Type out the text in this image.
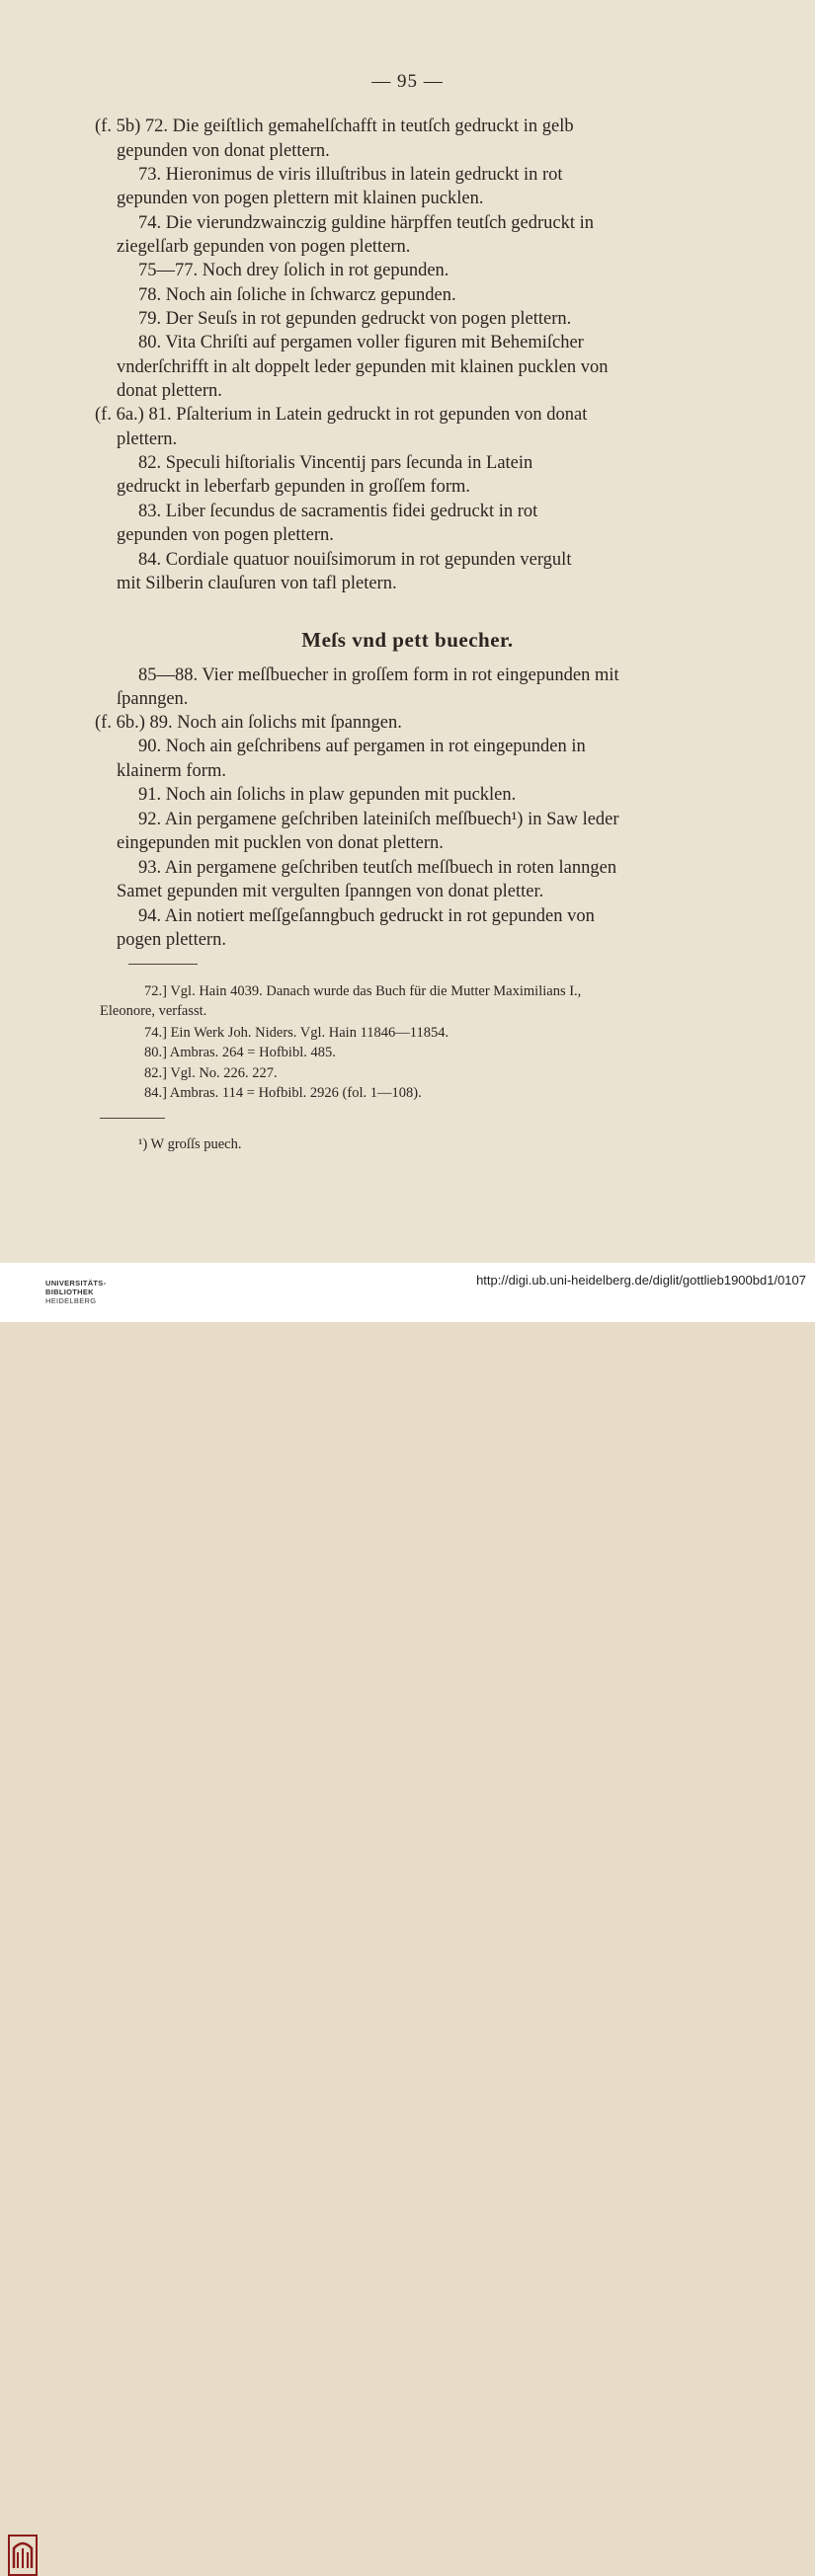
— 95 —
(f. 5b) 72. Die geiſtlich gemahelſchafft in teutſch gedruckt in gelb
gepunden von donat plettern.
73. Hieronimus de viris illuſtribus in latein gedruckt in rot
gepunden von pogen plettern mit klainen pucklen.
74. Die vierundzwainczig guldine härpffen teutſch gedruckt in
ziegelſarb gepunden von pogen plettern.
75—77. Noch drey ſolich in rot gepunden.
78. Noch ain ſoliche in ſchwarcz gepunden.
79. Der Seuſs in rot gepunden gedruckt von pogen plettern.
80. Vita Chriſti auf pergamen voller figuren mit Behemiſcher
vnderſchrifft in alt doppelt leder gepunden mit klainen pucklen von
donat plettern.
(f. 6a.) 81. Pſalterium in Latein gedruckt in rot gepunden von donat
plettern.
82. Speculi hiſtorialis Vincentij pars ſecunda in Latein
gedruckt in leberfarb gepunden in groſſem form.
83. Liber ſecundus de sacramentis fidei gedruckt in rot
gepunden von pogen plettern.
84. Cordiale quatuor nouiſsimorum in rot gepunden vergult
mit Silberin clauſuren von tafl pletern.
Meſs vnd pett buecher.
85—88. Vier meſſbuecher in groſſem form in rot eingepunden mit
ſpanngen.
(f. 6b.) 89. Noch ain ſolichs mit ſpanngen.
90. Noch ain geſchribens auf pergamen in rot eingepunden in
klainerm form.
91. Noch ain ſolichs in plaw gepunden mit pucklen.
92. Ain pergamene geſchriben lateiniſch meſſbuech¹) in Saw leder
eingepunden mit pucklen von donat plettern.
93. Ain pergamene geſchriben teutſch meſſbuech in roten lanngen
Samet gepunden mit vergulten ſpanngen von donat pletter.
94. Ain notiert meſſgeſanngbuch gedruckt in rot gepunden von
pogen plettern.
72.] Vgl. Hain 4039. Danach wurde das Buch für die Mutter Maximilians I.,
Eleonore, verfasst.
74.] Ein Werk Joh. Niders. Vgl. Hain 11846—11854.
80.] Ambras. 264 = Hofbibl. 485.
82.] Vgl. No. 226. 227.
84.] Ambras. 114 = Hofbibl. 2926 (fol. 1—108).
¹) W groſſs puech.
UNIVERSITÄTS-
BIBLIOTHEK
HEIDELBERG
http://digi.ub.uni-heidelberg.de/diglit/gottlieb1900bd1/0107
